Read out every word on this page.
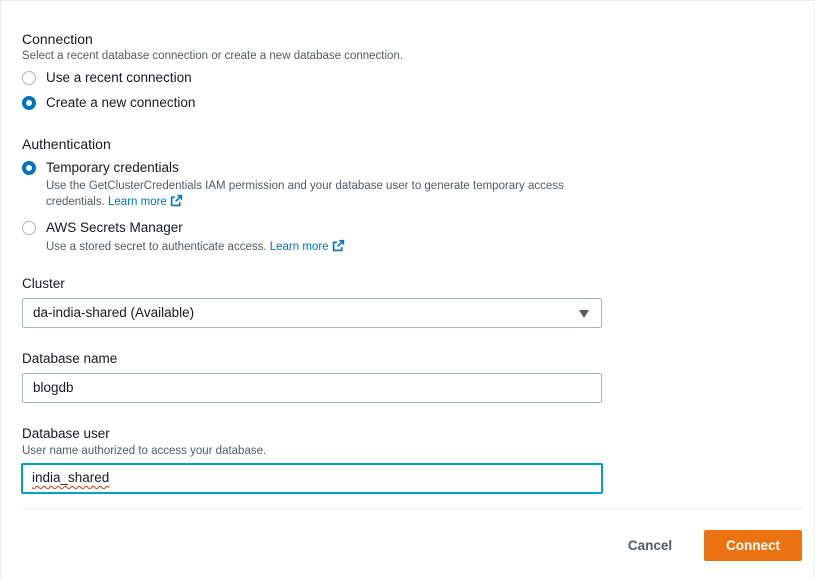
Connection
Select a recent database connection or create a new database connection.
Use a recent connection
Create a new connection
Authentication
Temporary credentials
Use the GetClusterCredentials IAM permission and your database user to generate temporary access
credentials. Learn more
AWS Secrets Manager
Use a stored secret to authenticate access. Learn more
Cluster
da-india-shared (Available)
Database name
blogdb
Database user
User name authorized to access your database.
india_shared
Cancel	Connect
